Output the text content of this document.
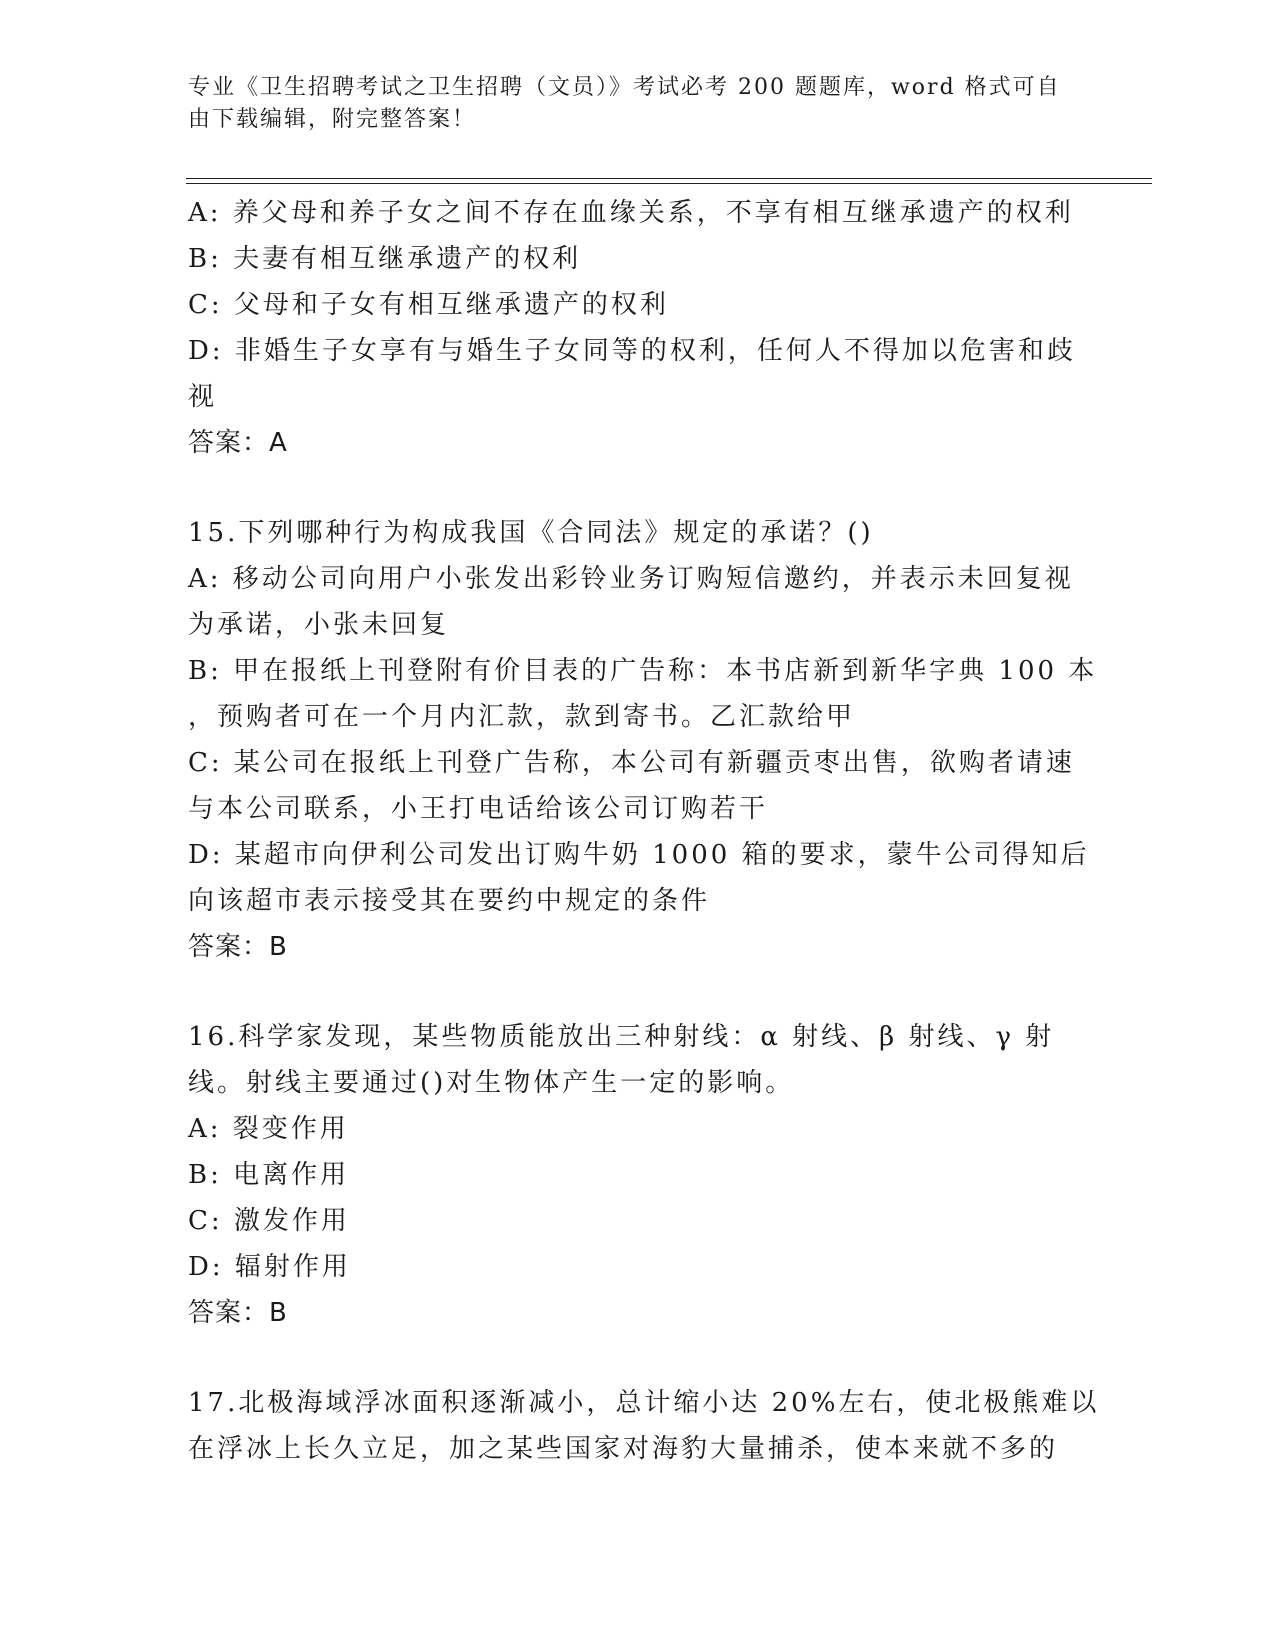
专业《卫生招聘考试之卫生招聘（文员）》考试必考 200 题题库，word 格式可自
由下载编辑，附完整答案！

A: 养父母和养子女之间不存在血缘关系，不享有相互继承遗产的权利

B: 夫妻有相互继承遗产的权利

C: 父母和子女有相互继承遗产的权利

D: 非婚生子女享有与婚生子女同等的权利，任何人不得加以危害和歧

视

答案：A

15.下列哪种行为构成我国《合同法》规定的承诺？()

A: 移动公司向用户小张发出彩铃业务订购短信邀约，并表示未回复视

为承诺，小张未回复

B: 甲在报纸上刊登附有价目表的广告称：本书店新到新华字典 100 本

，预购者可在一个月内汇款，款到寄书。乙汇款给甲

C: 某公司在报纸上刊登广告称，本公司有新疆贡枣出售，欲购者请速

与本公司联系，小王打电话给该公司订购若干

D: 某超市向伊利公司发出订购牛奶 1000 箱的要求，蒙牛公司得知后

向该超市表示接受其在要约中规定的条件

答案：B

16.科学家发现，某些物质能放出三种射线：α 射线、β 射线、γ 射

线。射线主要通过()对生物体产生一定的影响。

A: 裂变作用

B: 电离作用

C: 激发作用

D: 辐射作用

答案：B

17.北极海域浮冰面积逐渐减小，总计缩小达 20%左右，使北极熊难以

在浮冰上长久立足，加之某些国家对海豹大量捕杀，使本来就不多的
